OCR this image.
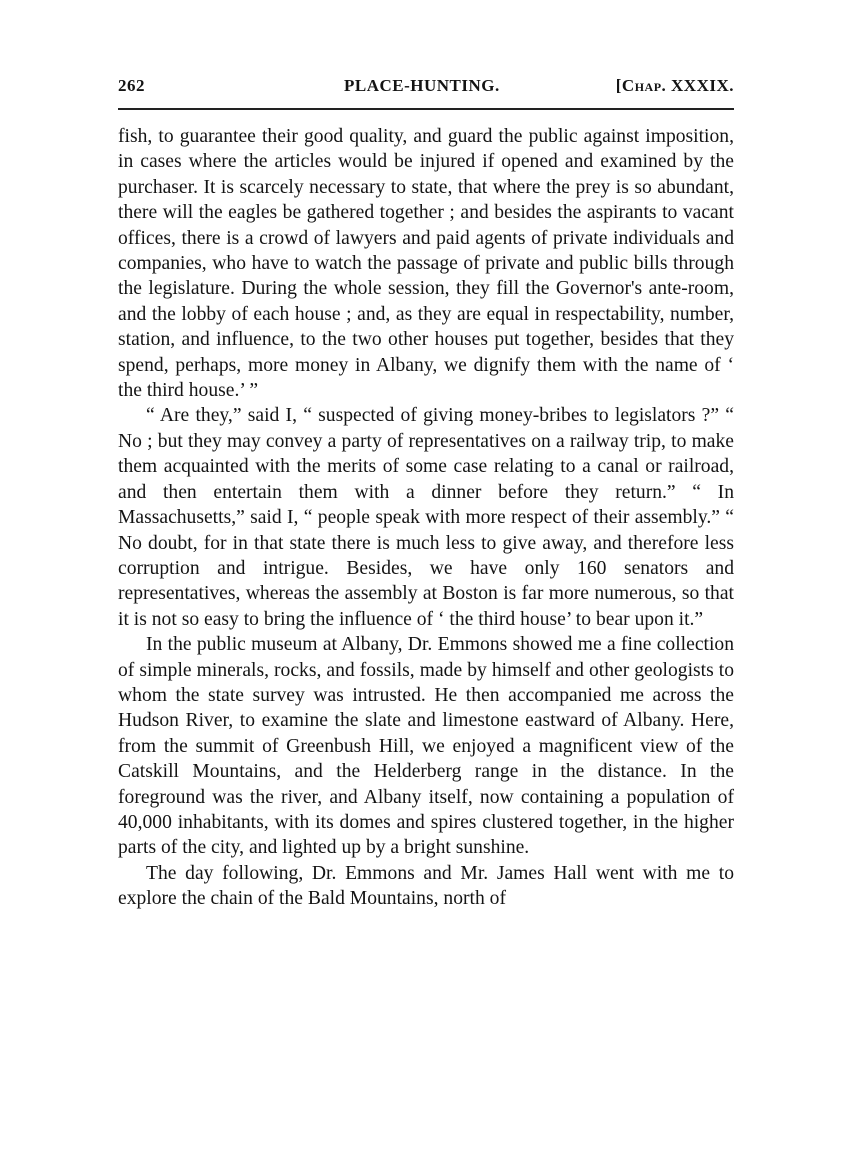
262	PLACE-HUNTING.	[Chap. XXXIX.

fish, to guarantee their good quality, and guard the public against imposition, in cases where the articles would be injured if opened and examined by the purchaser. It is scarcely necessary to state, that where the prey is so abundant, there will the eagles be gathered together ; and besides the aspirants to vacant offices, there is a crowd of lawyers and paid agents of private individuals and companies, who have to watch the passage of private and public bills through the legislature. During the whole session, they fill the Governor's ante-room, and the lobby of each house ; and, as they are equal in respectability, number, station, and influence, to the two other houses put together, besides that they spend, perhaps, more money in Albany, we dignify them with the name of ‘ the third house.’ ”

“ Are they,” said I, “ suspected of giving money-bribes to legislators ?” “ No ; but they may convey a party of representatives on a railway trip, to make them acquainted with the merits of some case relating to a canal or railroad, and then entertain them with a dinner before they return.” “ In Massachusetts,” said I, “ people speak with more respect of their assembly.” “ No doubt, for in that state there is much less to give away, and therefore less corruption and intrigue. Besides, we have only 160 senators and representatives, whereas the assembly at Boston is far more numerous, so that it is not so easy to bring the influence of ‘ the third house’ to bear upon it.”

In the public museum at Albany, Dr. Emmons showed me a fine collection of simple minerals, rocks, and fossils, made by himself and other geologists to whom the state survey was intrusted. He then accompanied me across the Hudson River, to examine the slate and limestone eastward of Albany. Here, from the summit of Greenbush Hill, we enjoyed a magnificent view of the Catskill Mountains, and the Helderberg range in the distance. In the foreground was the river, and Albany itself, now containing a population of 40,000 inhabitants, with its domes and spires clustered together, in the higher parts of the city, and lighted up by a bright sunshine.

The day following, Dr. Emmons and Mr. James Hall went with me to explore the chain of the Bald Mountains, north of
